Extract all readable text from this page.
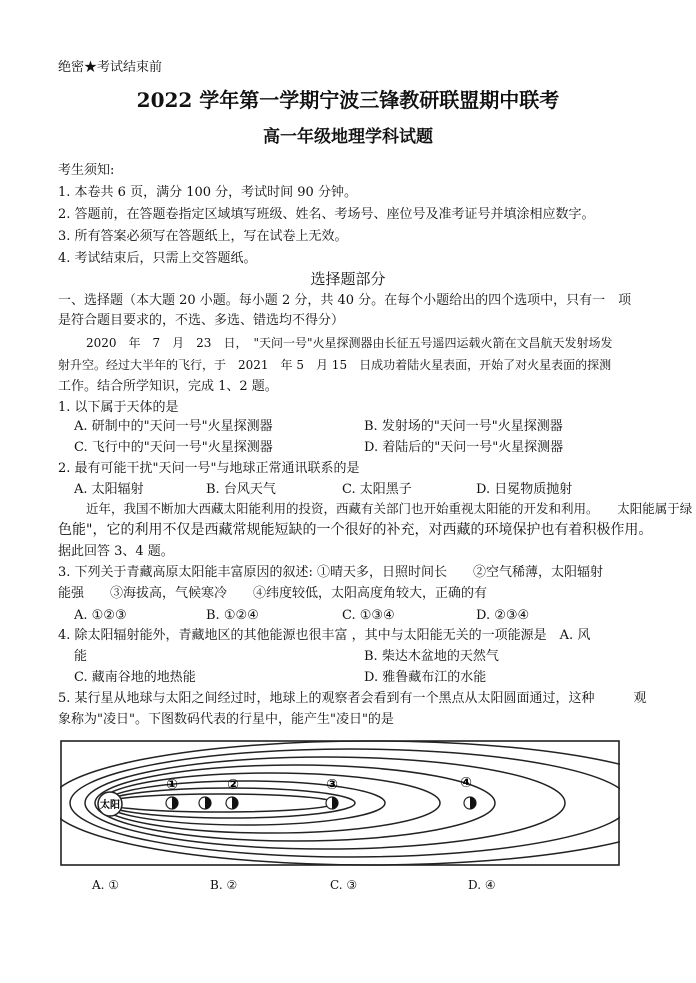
绝密★考试结束前
2022 学年第一学期宁波三锋教研联盟期中联考
高一年级地理学科试题
考生须知:
1. 本卷共 6 页，满分 100 分，考试时间 90 分钟。
2. 答题前，在答题卷指定区域填写班级、姓名、考场号、座位号及准考证号并填涂相应数字。
3. 所有答案必须写在答题纸上，写在试卷上无效。
4. 考试结束后，只需上交答题纸。
选择题部分
一、选择题（本大题 20 小题。每小题 2 分，共 40 分。在每个小题给出的四个选项中，只有一　项
是符合题目要求的，不选、多选、错选均不得分）
2020　年　7　月　23　日，　"天问一号"火星探测器由长征五号遥四运载火箭在文昌航天发射场发
射升空。经过大半年的飞行，于　2021　年 5　月 15　日成功着陆火星表面，开始了对火星表面的探测
工作。结合所学知识，完成 1、2 题。
1. 以下属于天体的是
A. 研制中的"天问一号"火星探测器	B. 发射场的"天问一号"火星探测器
C. 飞行中的"天问一号"火星探测器	D. 着陆后的"天问一号"火星探测器
2. 最有可能干扰"天问一号"与地球正常通讯联系的是
A. 太阳辐射	B. 台风天气	C. 太阳黑子	D. 日冕物质抛射
近年，我国不断加大西藏太阳能利用的投资，西藏有关部门也开始重视太阳能的开发和利用。　　太阳能属于绿
色能"，它的利用不仅是西藏常规能短缺的一个很好的补充，对西藏的环境保护也有着积极作用。
据此回答 3、4 题。
3. 下列关于青藏高原太阳能丰富原因的叙述: ①晴天多，日照时间长　　②空气稀薄，太阳辐射
能强　　③海拔高，气候寒冷　　④纬度较低，太阳高度角较大，正确的有
A. ①②③	B. ①②④	C. ①③④	D. ②③④
4. 除太阳辐射能外，青藏地区的其他能源也很丰富 ，其中与太阳能无关的一项能源是　A. 风
能	B. 柴达木盆地的天然气
C. 藏南谷地的地热能	D. 雅鲁藏布江的水能
5. 某行星从地球与太阳之间经过时，地球上的观察者会看到有一个黑点从太阳圆面通过，这种　　　观
象称为"凌日"。下图数码代表的行星中，能产生"凌日"的是
太阳
①	②	③	④
A. ①	B. ②	C. ③	D. ④
